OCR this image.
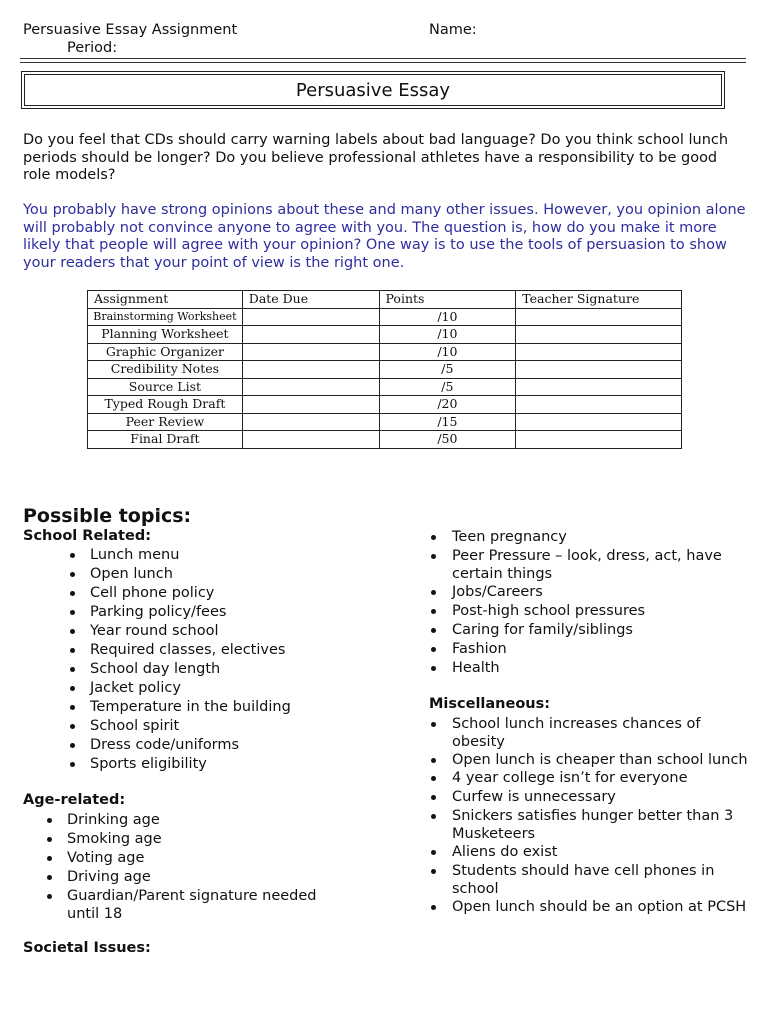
Persuasive Essay Assignment	Name:
Period:
Persuasive Essay
Do you feel that CDs should carry warning labels about bad language? Do you think school lunch periods should be longer? Do you believe professional athletes have a responsibility to be good role models?
You probably have strong opinions about these and many other issues. However, you opinion alone will probably not convince anyone to agree with you. The question is, how do you make it more likely that people will agree with your opinion? One way is to use the tools of persuasion to show your readers that your point of view is the right one.
Assignment	Date Due	Points	Teacher Signature
Brainstorming Worksheet		/10	
Planning Worksheet		/10	
Graphic Organizer		/10	
Credibility Notes		/5	
Source List		/5	
Typed Rough Draft		/20	
Peer Review		/15	
Final Draft		/50	
Possible topics:
School Related:
Lunch menu
Open lunch
Cell phone policy
Parking policy/fees
Year round school
Required classes, electives
School day length
Jacket policy
Temperature in the building
School spirit
Dress code/uniforms
Sports eligibility
Age-related:
Drinking age
Smoking age
Voting age
Driving age
Guardian/Parent signature needed until 18
Societal Issues:
Teen pregnancy
Peer Pressure – look, dress, act, have certain things
Jobs/Careers
Post-high school pressures
Caring for family/siblings
Fashion
Health
Miscellaneous:
School lunch increases chances of obesity
Open lunch is cheaper than school lunch
4 year college isn’t for everyone
Curfew is unnecessary
Snickers satisfies hunger better than 3 Musketeers
Aliens do exist
Students should have cell phones in school
Open lunch should be an option at PCSH
